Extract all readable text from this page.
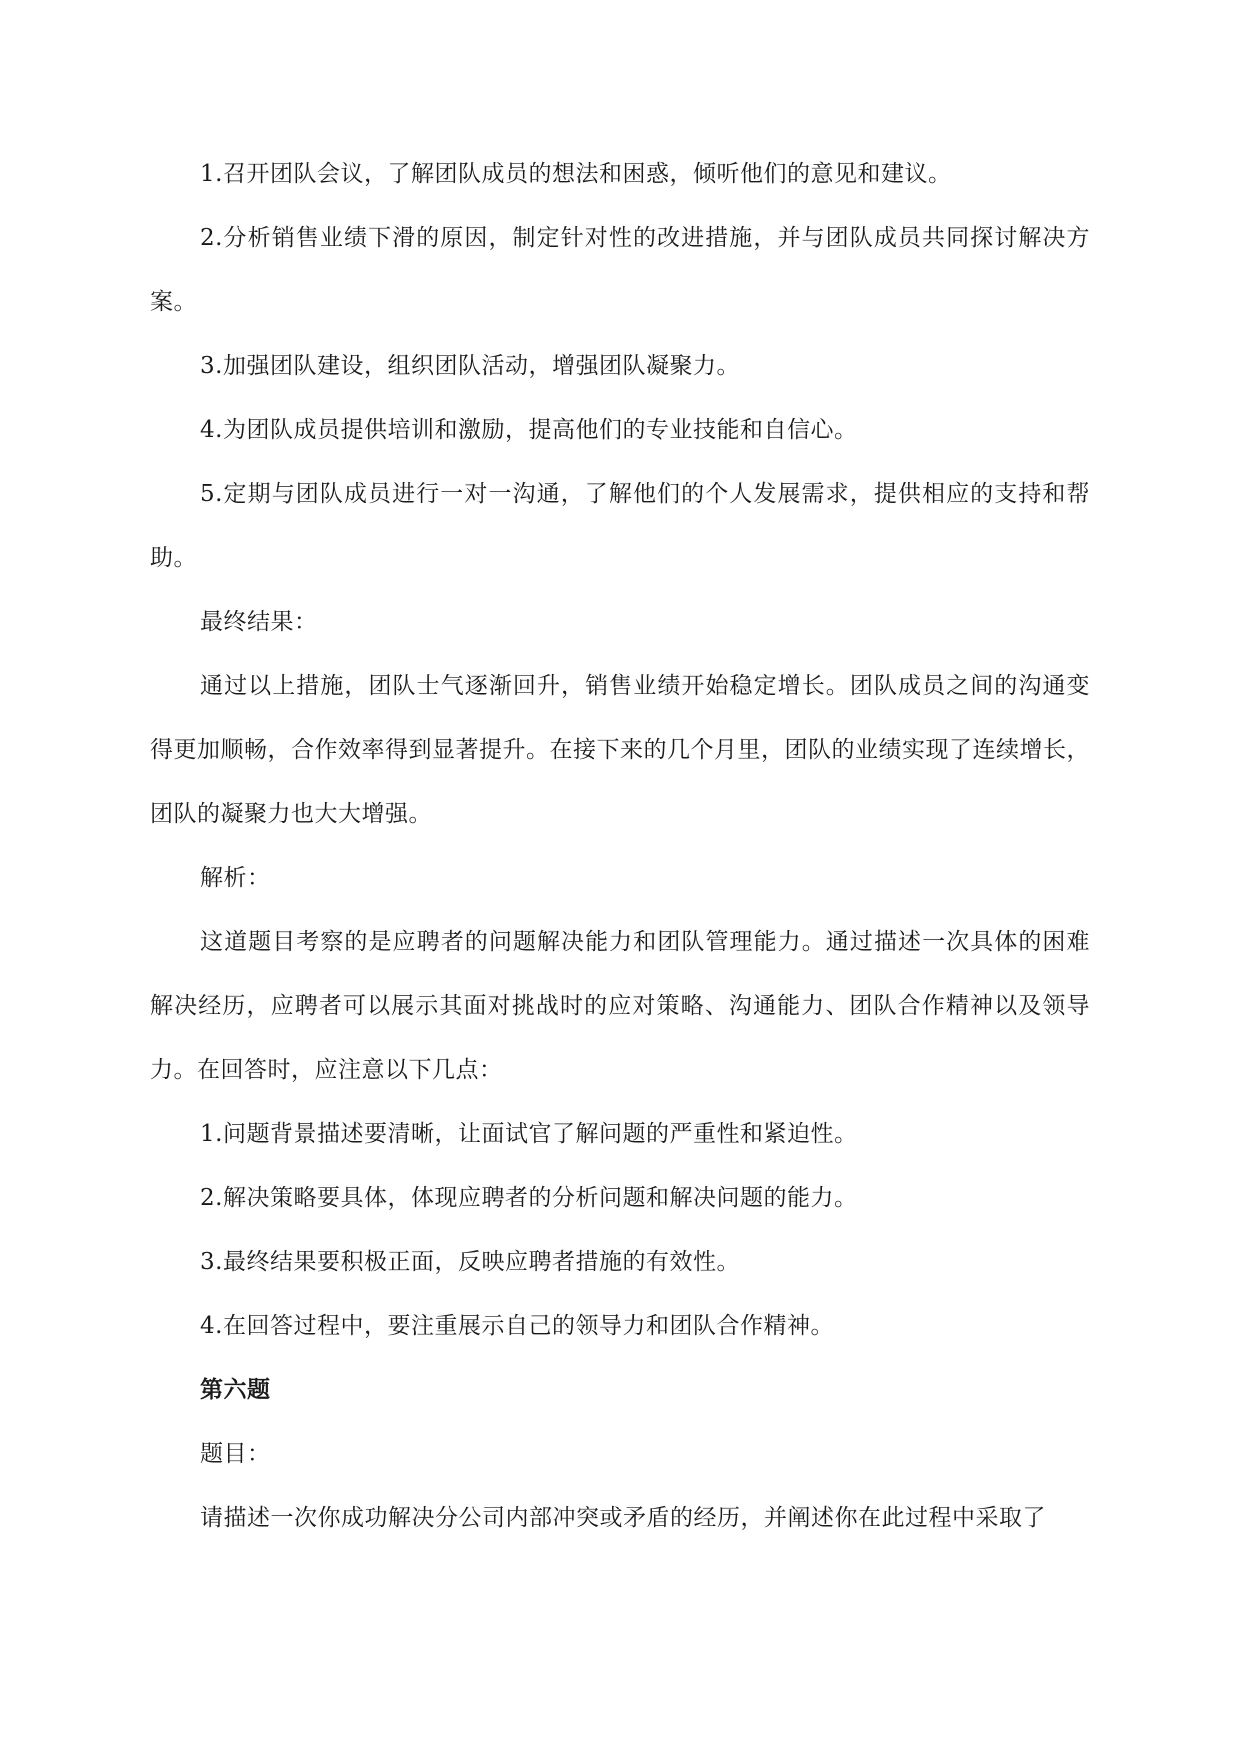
1.召开团队会议，了解团队成员的想法和困惑，倾听他们的意见和建议。

2.分析销售业绩下滑的原因，制定针对性的改进措施，并与团队成员共同探讨解决方案。

3.加强团队建设，组织团队活动，增强团队凝聚力。

4.为团队成员提供培训和激励，提高他们的专业技能和自信心。

5.定期与团队成员进行一对一沟通，了解他们的个人发展需求，提供相应的支持和帮助。

最终结果：

通过以上措施，团队士气逐渐回升，销售业绩开始稳定增长。团队成员之间的沟通变得更加顺畅，合作效率得到显著提升。在接下来的几个月里，团队的业绩实现了连续增长，团队的凝聚力也大大增强。

解析：

这道题目考察的是应聘者的问题解决能力和团队管理能力。通过描述一次具体的困难解决经历，应聘者可以展示其面对挑战时的应对策略、沟通能力、团队合作精神以及领导力。在回答时，应注意以下几点：

1.问题背景描述要清晰，让面试官了解问题的严重性和紧迫性。

2.解决策略要具体，体现应聘者的分析问题和解决问题的能力。

3.最终结果要积极正面，反映应聘者措施的有效性。

4.在回答过程中，要注重展示自己的领导力和团队合作精神。

第六题

题目：

请描述一次你成功解决分公司内部冲突或矛盾的经历，并阐述你在此过程中采取了
